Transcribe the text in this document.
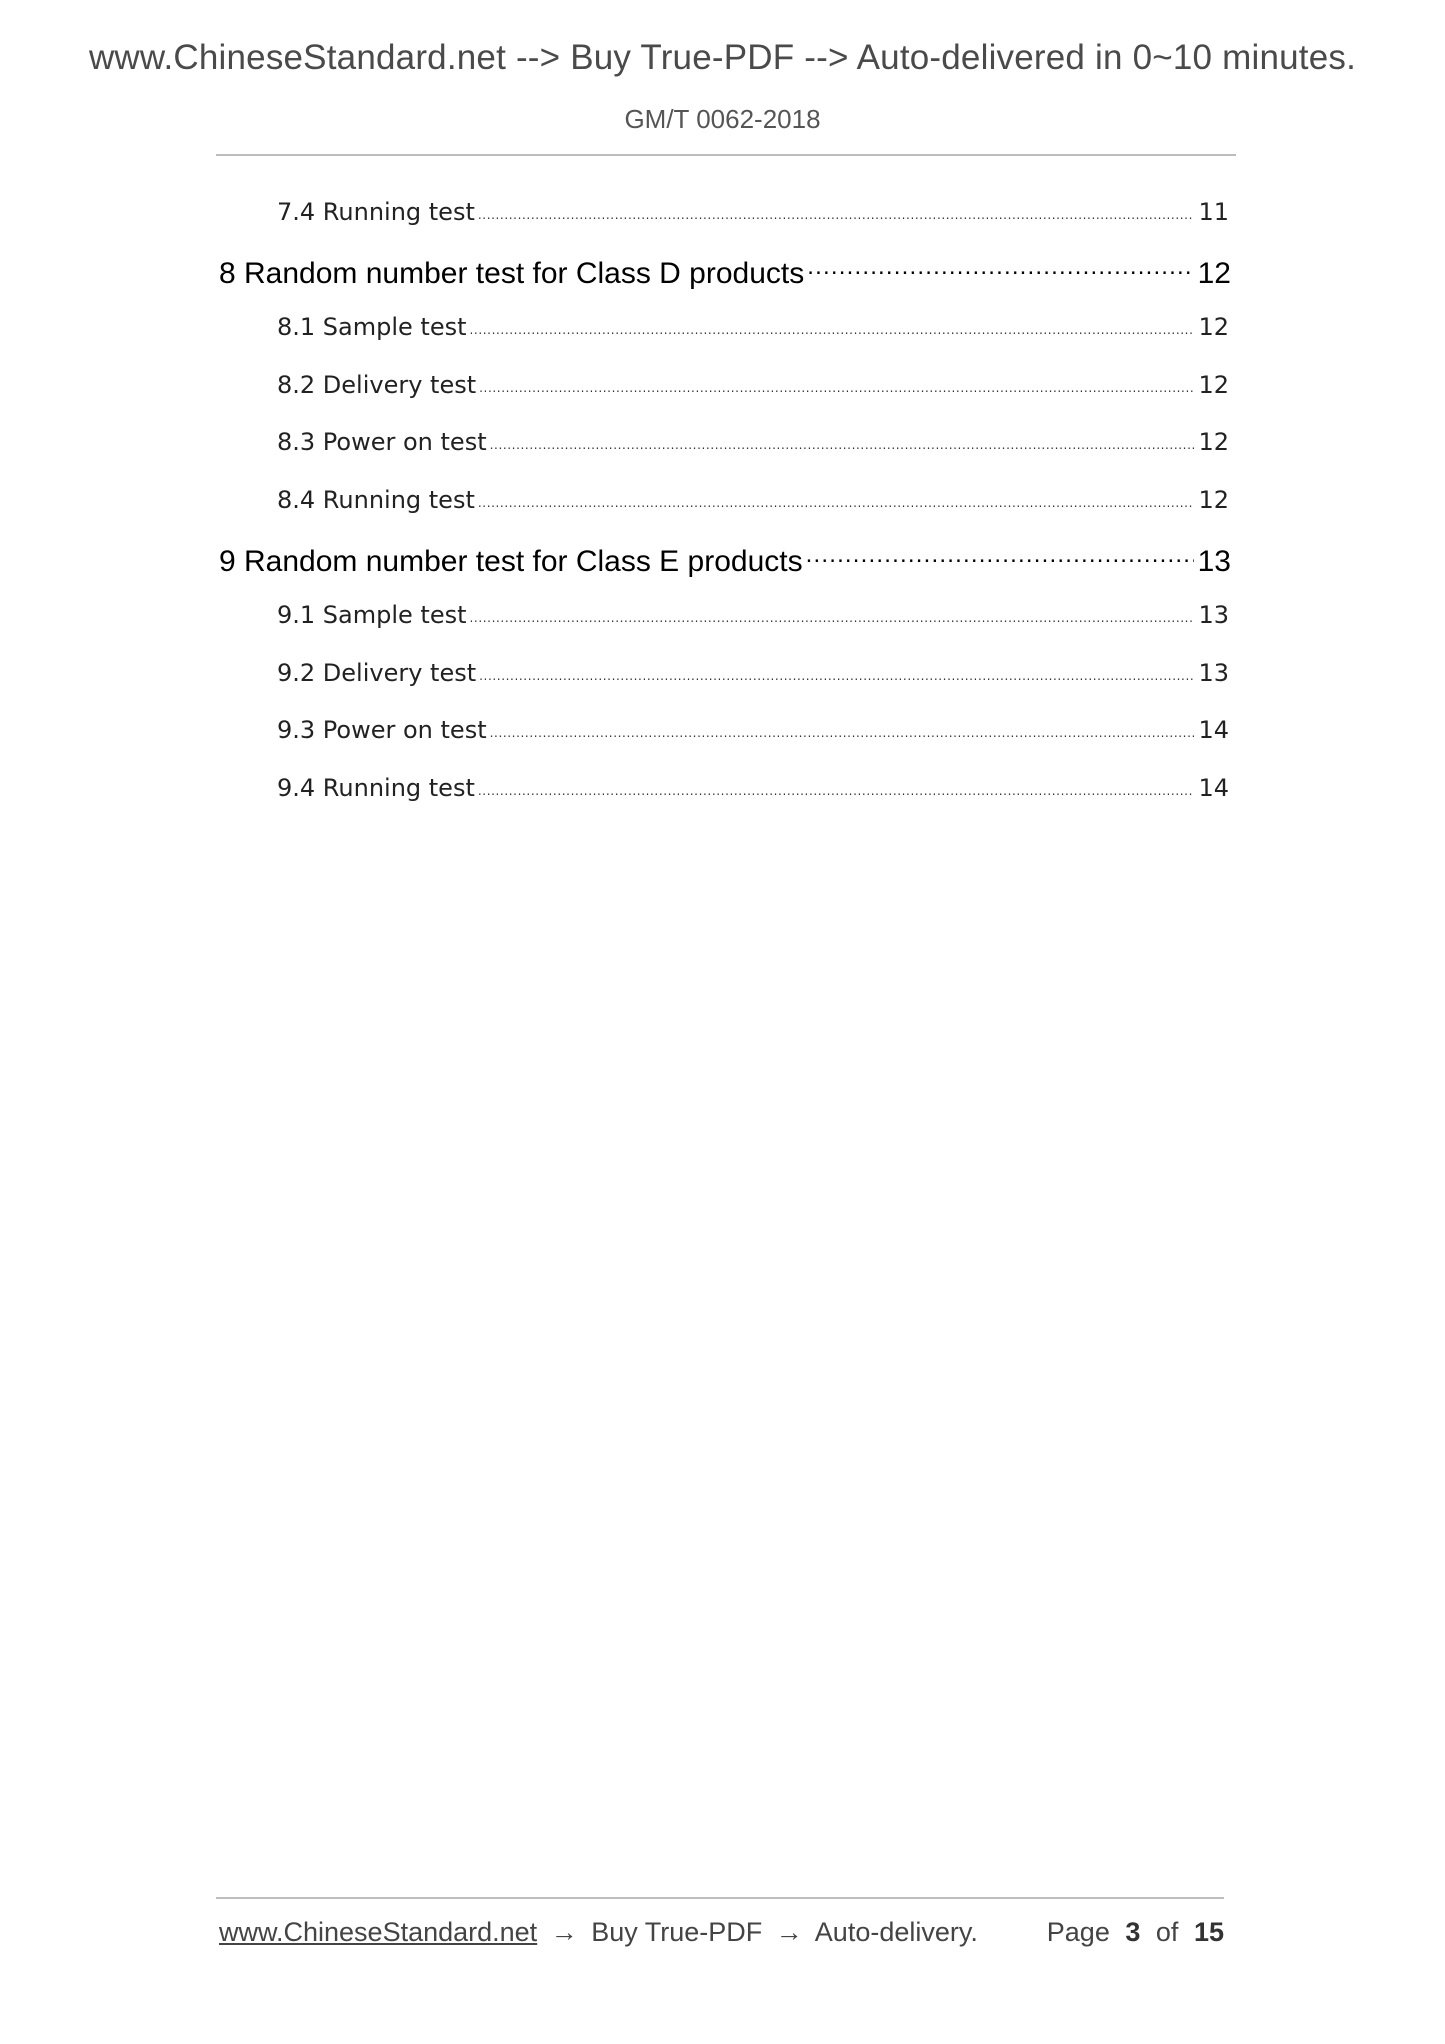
www.ChineseStandard.net --> Buy True-PDF --> Auto-delivered in 0~10 minutes.
GM/T 0062-2018
7.4 Running test .....	11
8 Random number test for Class D products .....	12
8.1 Sample test .....	12
8.2 Delivery test .....	12
8.3 Power on test .....	12
8.4 Running test .....	12
9 Random number test for Class E products .....	13
9.1 Sample test .....	13
9.2 Delivery test .....	13
9.3 Power on test .....	14
9.4 Running test .....	14
www.ChineseStandard.net → Buy True-PDF → Auto-delivery.	Page 3 of 15
